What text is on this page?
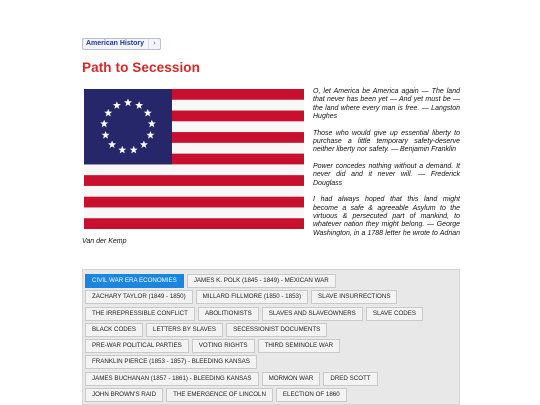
American History	›
Path to Secession

O, let America be America again — The land that never has been yet — And yet must be — the land where every man is free. — Langston Hughes

Those who would give up essential liberty to purchase a little temporary safety-deserve neither liberty nor safety. — Benjamin Franklin

Power concedes nothing without a demand. It never did and it never will. — Frederick Douglass

I had always hoped that this land might become a safe & agreeable Asylum to the virtuous & persecuted part of mankind, to whatever nation they might belong. — George Washington, in a 1788 letter he wrote to Adrian Van der Kemp

CIVIL WAR ERA ECONOMIES	JAMES K. POLK (1845 - 1849) - MEXICAN WAR
ZACHARY TAYLOR (1849 - 1850)	MILLARD FILLMORE (1850 - 1853)	SLAVE INSURRECTIONS
THE IRREPRESSIBLE CONFLICT	ABOLITIONISTS	SLAVES AND SLAVEOWNERS	SLAVE CODES
BLACK CODES	LETTERS BY SLAVES	SECESSIONIST DOCUMENTS
PRE-WAR POLITICAL PARTIES	VOTING RIGHTS	THIRD SEMINOLE WAR
FRANKLIN PIERCE (1853 - 1857) - BLEEDING KANSAS
JAMES BUCHANAN (1857 - 1861) - BLEEDING KANSAS	MORMON WAR	DRED SCOTT
JOHN BROWN'S RAID	THE EMERGENCE OF LINCOLN	ELECTION OF 1860
